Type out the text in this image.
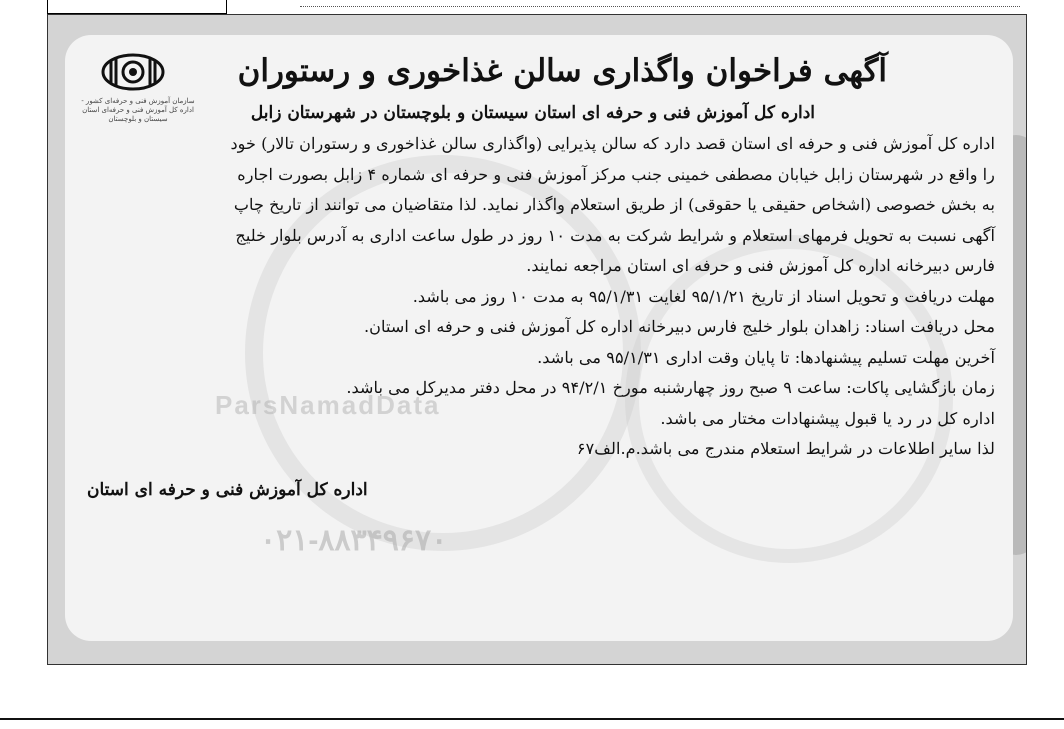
ParsNamadData
۰۲۱-۸۸۳۴۹۶۷۰
آگهی فراخوان واگذاری سالن غذاخوری و رستوران
سازمان آموزش فنی و حرفه‌ای کشور - اداره کل آموزش فنی و حرفه‌ای استان سیستان و بلوچستان	اداره کل آموزش فنی و حرفه ای استان سیستان و بلوچستان در شهرستان زابل

اداره کل آموزش فنی و حرفه ای استان قصد دارد که سالن پذیرایی (واگذاری سالن غذاخوری و رستوران تالار) خود

را واقع در شهرستان زابل خیابان مصطفی خمینی جنب مرکز آموزش فنی و حرفه ای شماره ۴ زابل بصورت اجاره

به بخش خصوصی (اشخاص حقیقی یا حقوقی) از طریق استعلام واگذار نماید. لذا متقاضیان می توانند از تاریخ چاپ

آگهی نسبت به تحویل فرمهای استعلام و شرایط شرکت به مدت ۱۰ روز در طول ساعت اداری به آدرس بلوار خلیج

فارس دبیرخانه اداره کل آموزش فنی و حرفه ای استان مراجعه نمایند.

مهلت دریافت و تحویل اسناد از تاریخ ۹۵/۱/۲۱ لغایت ۹۵/۱/۳۱ به مدت ۱۰ روز می باشد.

محل دریافت اسناد: زاهدان بلوار خلیج فارس دبیرخانه اداره کل آموزش فنی و حرفه ای استان.

آخرین مهلت تسلیم پیشنهادها: تا پایان وقت اداری ۹۵/۱/۳۱ می باشد.

زمان بازگشایی پاکات: ساعت ۹ صبح روز چهارشنبه مورخ ۹۴/۲/۱ در محل دفتر مدیرکل می باشد.

اداره کل در رد یا قبول پیشنهادات مختار می باشد.

لذا سایر اطلاعات در شرایط استعلام مندرج می باشد.م.الف۶۷

اداره کل آموزش فنی و حرفه ای استان
